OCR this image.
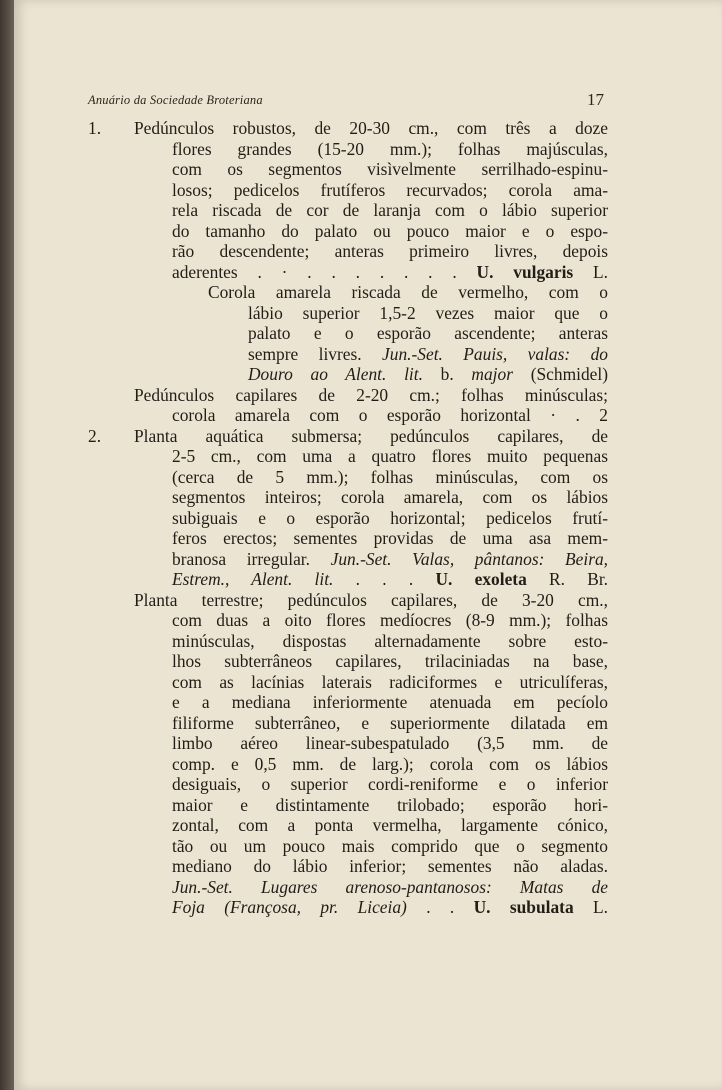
Anuário da Sociedade Broteriana	17
1. Pedúnculos robustos, de 20-30 cm., com três a doze
flores grandes (15-20 mm.); folhas majúsculas,
com os segmentos visìvelmente serrilhado-espinu-
losos; pedicelos frutíferos recurvados; corola ama-
rela riscada de cor de laranja com o lábio superior
do tamanho do palato ou pouco maior e o espo-
rão descendente; anteras primeiro livres, depois
aderentes . · . . . . . . . U. vulgaris L.
Corola amarela riscada de vermelho, com o
lábio superior 1,5-2 vezes maior que o
palato e o esporão ascendente; anteras
sempre livres. Jun.-Set. Pauis, valas: do
Douro ao Alent. lit. b. major (Schmidel)
Pedúnculos capilares de 2-20 cm.; folhas minúsculas;
corola amarela com o esporão horizontal · . 2
2. Planta aquática submersa; pedúnculos capilares, de
2-5 cm., com uma a quatro flores muito pequenas
(cerca de 5 mm.); folhas minúsculas, com os
segmentos inteiros; corola amarela, com os lábios
subiguais e o esporão horizontal; pedicelos frutí-
feros erectos; sementes providas de uma asa mem-
branosa irregular. Jun.-Set. Valas, pântanos: Beira,
Estrem., Alent. lit. . . . U. exoleta R. Br.
Planta terrestre; pedúnculos capilares, de 3-20 cm.,
com duas a oito flores medíocres (8-9 mm.); folhas
minúsculas, dispostas alternadamente sobre esto-
lhos subterrâneos capilares, trilaciniadas na base,
com as lacínias laterais radiciformes e utriculíferas,
e a mediana inferiormente atenuada em pecíolo
filiforme subterrâneo, e superiormente dilatada em
limbo aéreo linear-subespatulado (3,5 mm. de
comp. e 0,5 mm. de larg.); corola com os lábios
desiguais, o superior cordi-reniforme e o inferior
maior e distintamente trilobado; esporão hori-
zontal, com a ponta vermelha, largamente cónico,
tão ou um pouco mais comprido que o segmento
mediano do lábio inferior; sementes não aladas.
Jun.-Set. Lugares arenoso-pantanosos: Matas de
Foja (Françosa, pr. Liceia) . . U. subulata L.
